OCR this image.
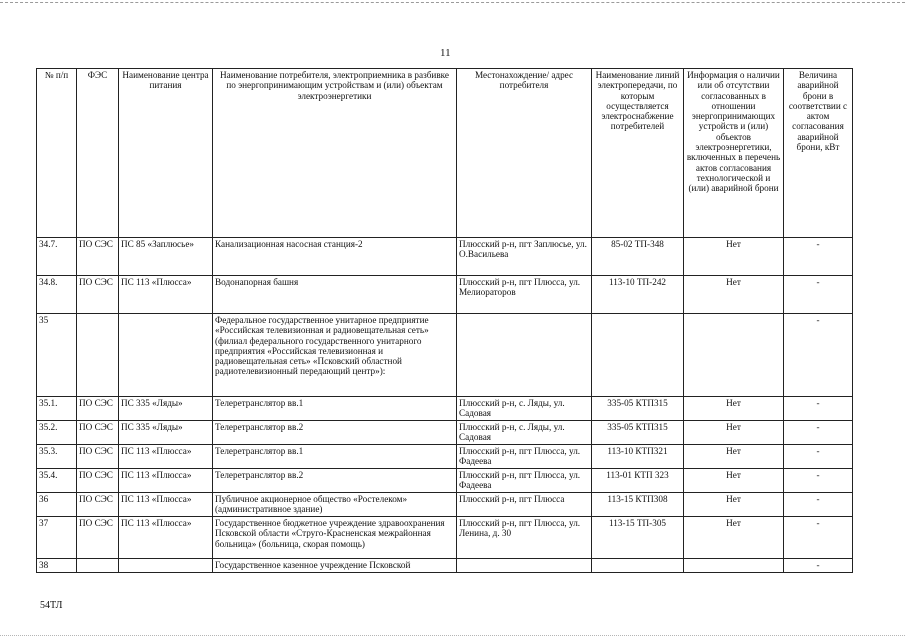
11
№ п/п	ФЭС	Наименование центра питания	Наименование потребителя, электроприемника в разбивке по энергопринимающим устройствам и (или) объектам электроэнергетики	Местонахождение/ адрес потребителя	Наименование линий электропередачи, по которым осуществляется электроснабжение потребителей	Информация о наличии или об отсутствии согласованных в отношении энергопринимающих устройств и (или) объектов электроэнергетики, включенных в перечень актов согласования технологической и (или) аварийной брони	Величина аварийной брони в соответствии с актом согласования аварийной брони, кВт
34.7.	ПО СЭС	ПС 85 «Заплюсье»	Канализационная насосная станция-2	Плюсский р-н, пгт Заплюсье, ул. О.Васильева	85-02 ТП-348	Нет	-
34.8.	ПО СЭС	ПС 113 «Плюсса»	Водонапорная башня	Плюсский р-н, пгт Плюсса, ул. Мелиораторов	113-10 ТП-242	Нет	-
35			Федеральное государственное унитарное предприятие «Российская телевизионная и радиовещательная сеть» (филиал федерального государственного унитарного предприятия «Российская телевизионная и радиовещательная сеть» «Псковский областной радиотелевизионный передающий центр»):				-
35.1.	ПО СЭС	ПС 335 «Ляды»	Телеретранслятор вв.1	Плюсский р-н, с. Ляды, ул. Садовая	335-05 КТП315	Нет	-
35.2.	ПО СЭС	ПС 335 «Ляды»	Телеретранслятор вв.2	Плюсский р-н, с. Ляды, ул. Садовая	335-05 КТП315	Нет	-
35.3.	ПО СЭС	ПС 113 «Плюсса»	Телеретранслятор вв.1	Плюсский р-н, пгт Плюсса, ул. Фадеева	113-10 КТП321	Нет	-
35.4.	ПО СЭС	ПС 113 «Плюсса»	Телеретранслятор вв.2	Плюсский р-н, пгт Плюсса, ул. Фадеева	113-01 КТП 323	Нет	-
36	ПО СЭС	ПС 113 «Плюсса»	Публичное акционерное общество «Ростелеком» (административное здание)	Плюсский р-н, пгт Плюсса	113-15 КТП308	Нет	-
37	ПО СЭС	ПС 113 «Плюсса»	Государственное бюджетное учреждение здравоохранения Псковской области «Струго-Красненская межрайонная больница» (больница, скорая помощь)	Плюсский р-н, пгт Плюсса, ул. Ленина, д. 30	113-15 ТП-305	Нет	-
38			Государственное казенное учреждение Псковской				-
54ТЛ
